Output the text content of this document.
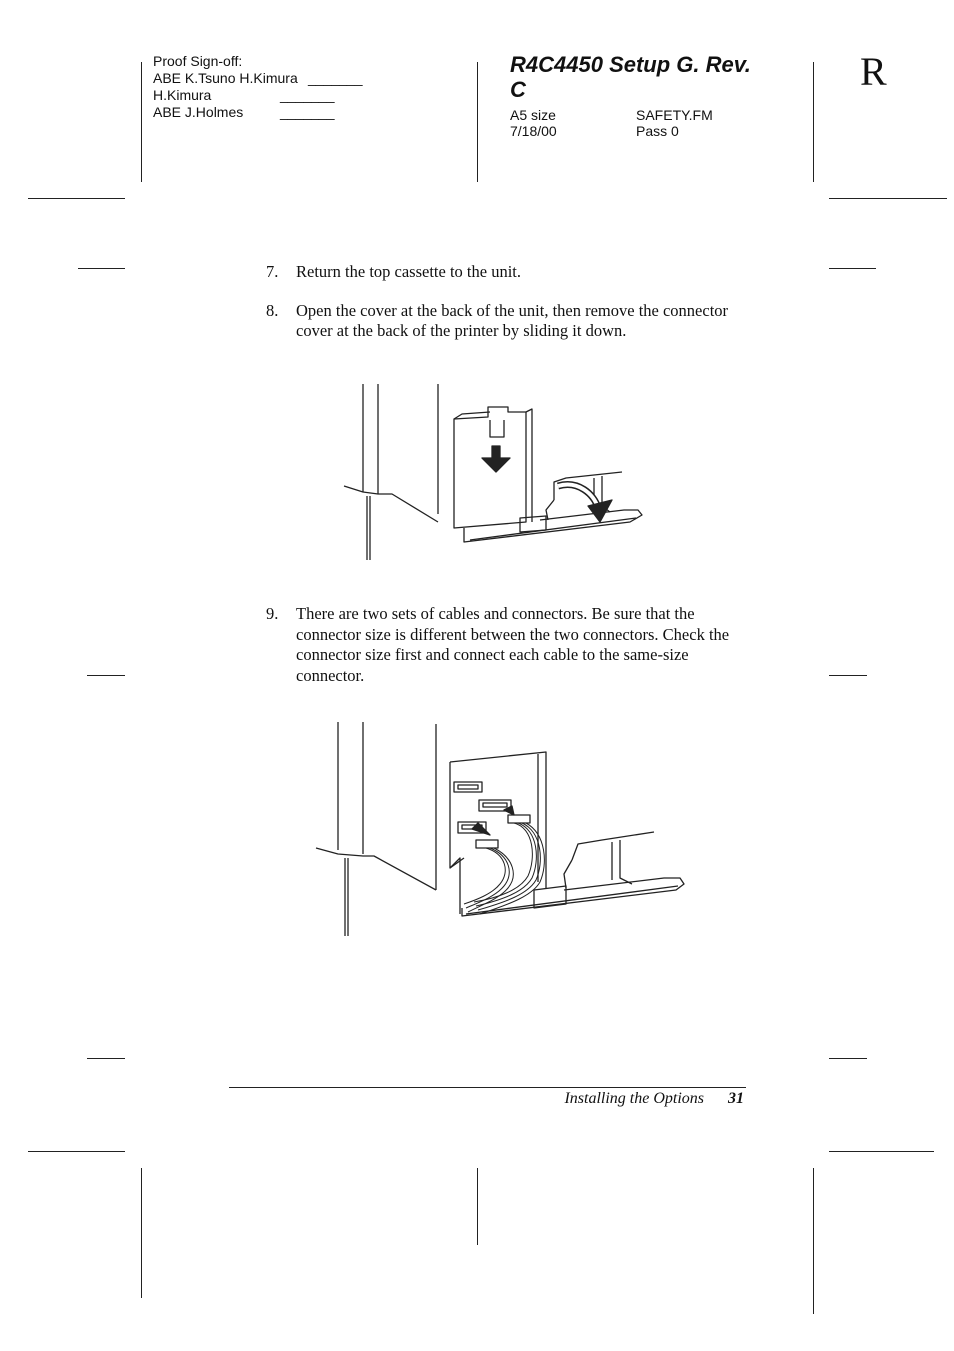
Proof Sign-off:
ABE K.Tsuno H.Kimura _______
H.Kimura	_______
ABE J.Holmes	_______
R4C4450 Setup G. Rev. C
A5 size	SAFETY.FM
7/18/00	Pass 0
R
7. Return the top cassette to the unit.
8. Open the cover at the back of the unit, then remove the connector cover at the back of the printer by sliding it down.
9. There are two sets of cables and connectors. Be sure that the connector size is different between the two connectors. Check the connector size first and connect each cable to the same-size connector.
Installing the Options 31
